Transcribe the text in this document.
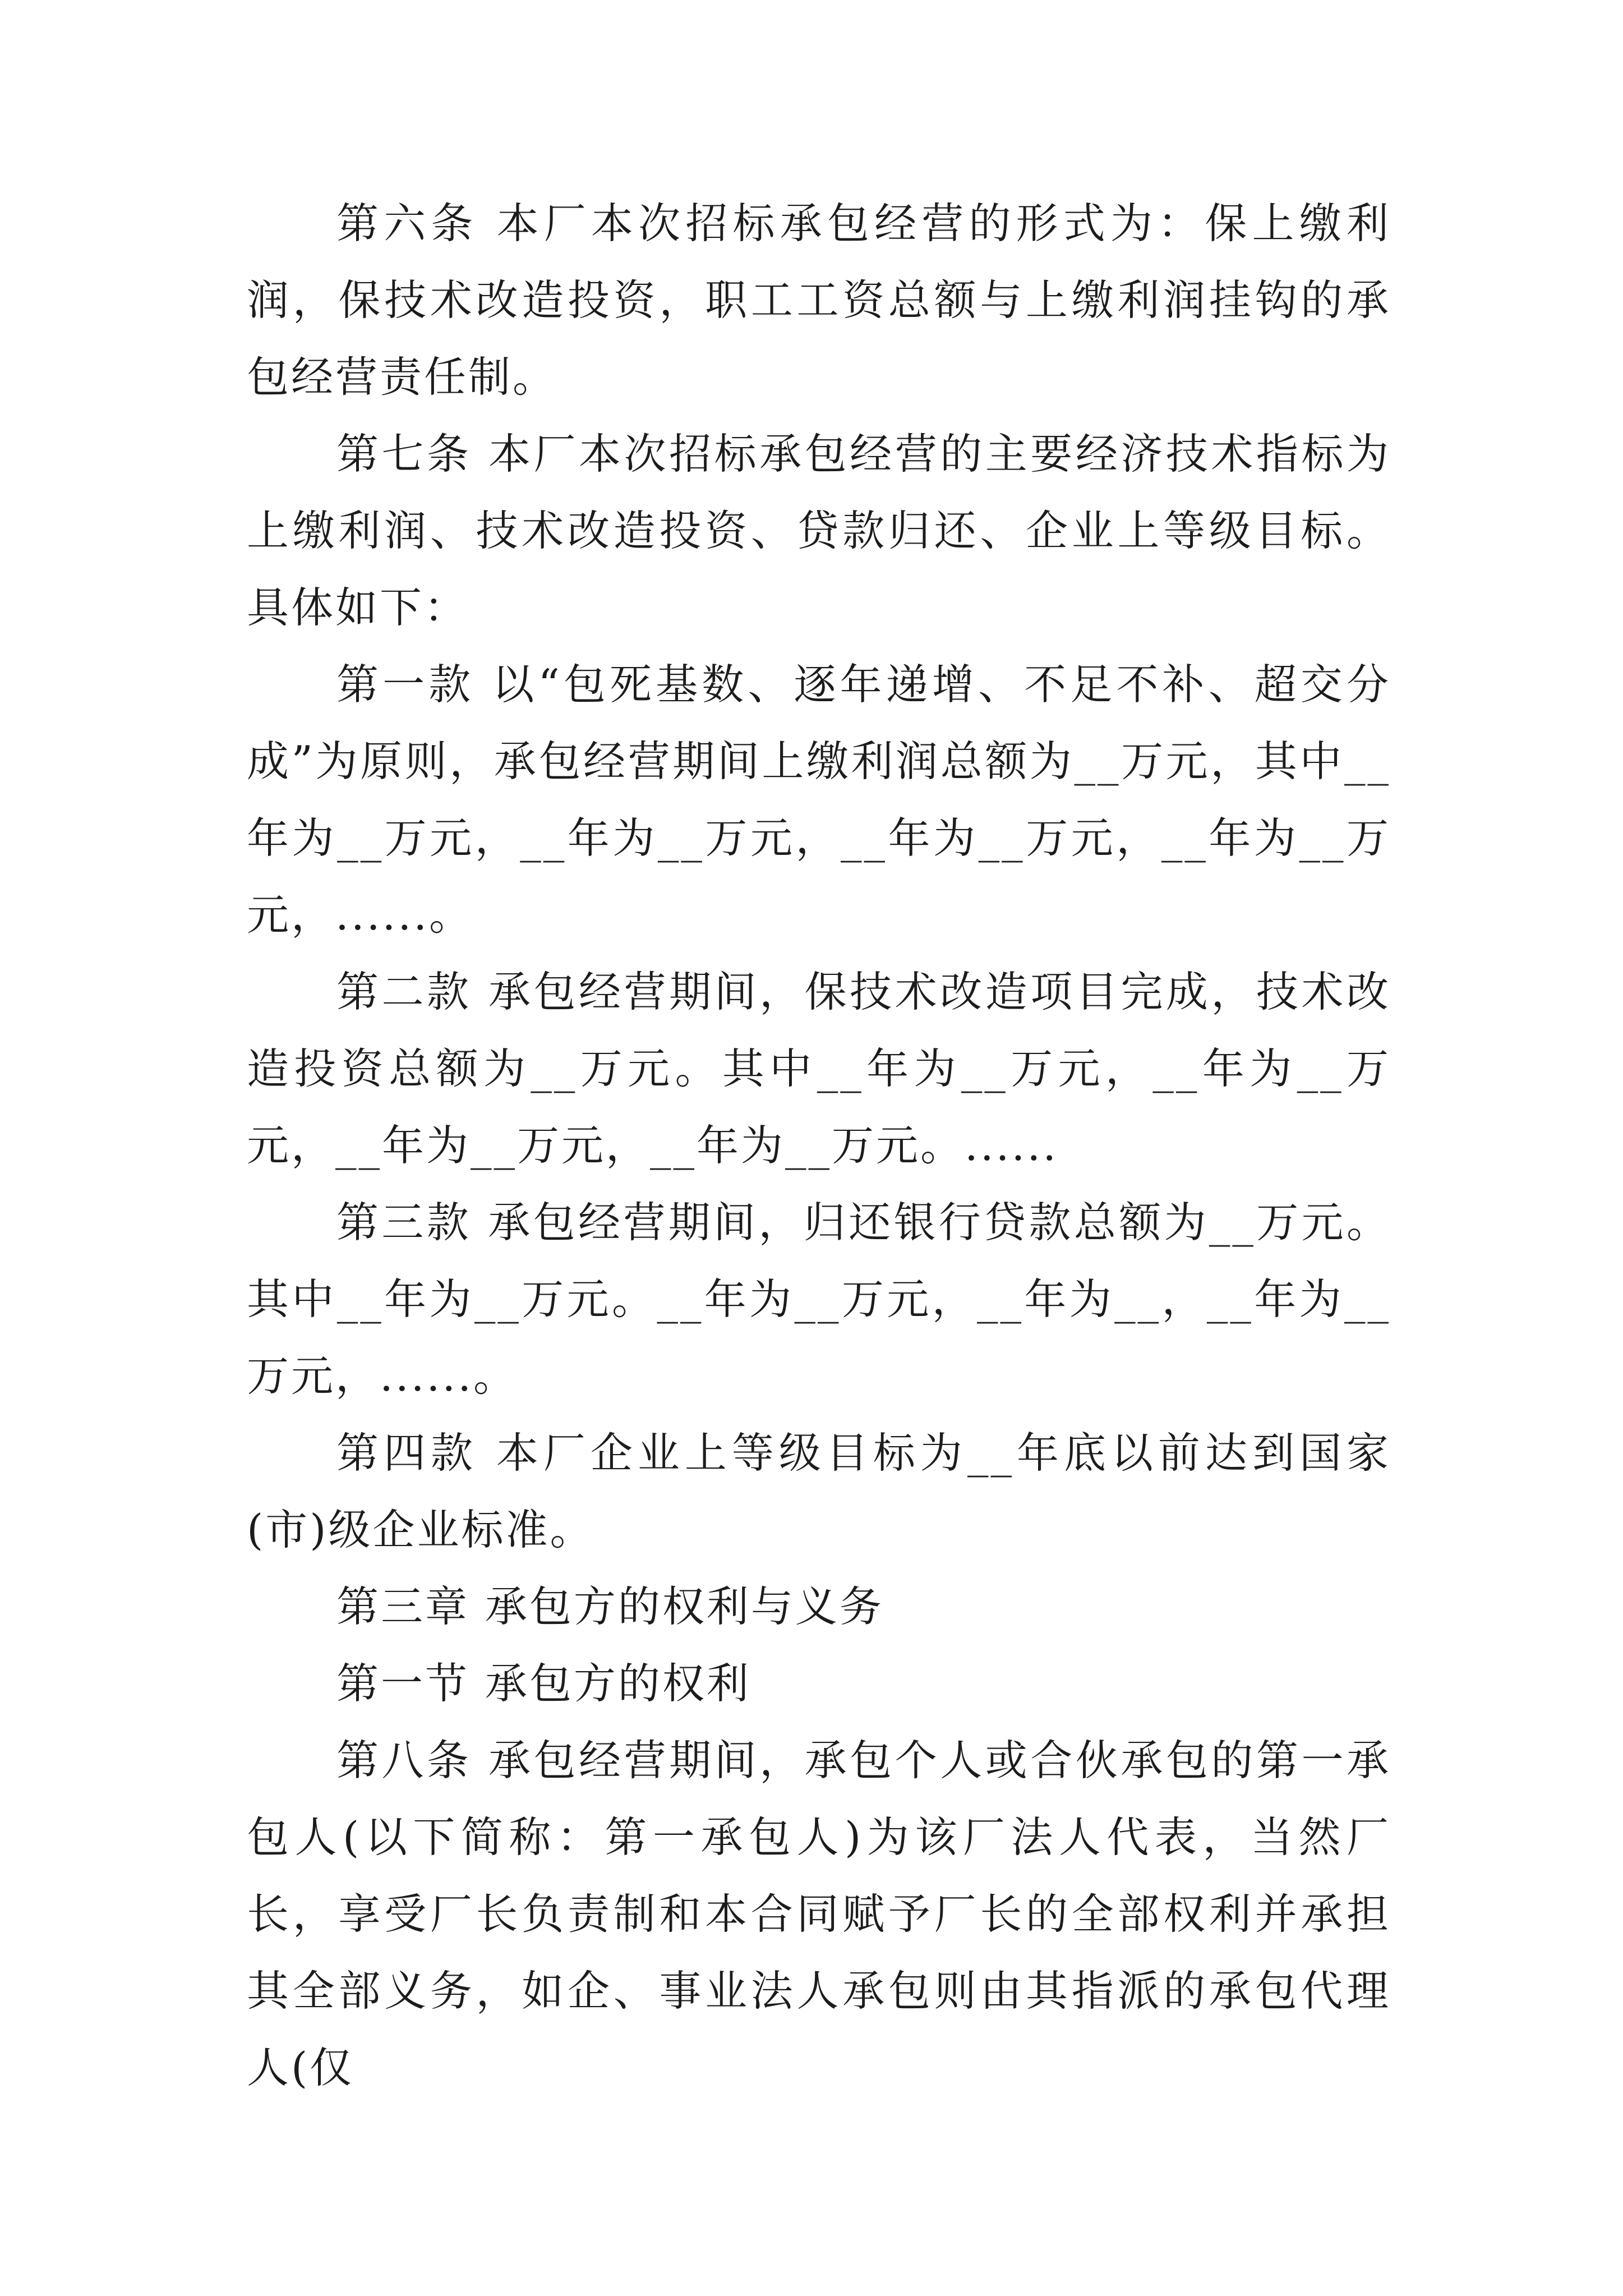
第六条 本厂本次招标承包经营的形式为：保上缴利润，保技术改造投资，职工工资总额与上缴利润挂钩的承包经营责任制。

第七条 本厂本次招标承包经营的主要经济技术指标为上缴利润、技术改造投资、贷款归还、企业上等级目标。具体如下：

第一款 以“包死基数、逐年递增、不足不补、超交分成”为原则，承包经营期间上缴利润总额为__万元，其中__年为__万元，__年为__万元，__年为__万元，__年为__万元，......。

第二款 承包经营期间，保技术改造项目完成，技术改造投资总额为__万元。其中__年为__万元，__年为__万元，__年为__万元，__年为__万元。......

第三款 承包经营期间，归还银行贷款总额为__万元。其中__年为__万元。__年为__万元，__年为__，__年为__万元，......。

第四款 本厂企业上等级目标为__年底以前达到国家(市)级企业标准。

第三章 承包方的权利与义务

第一节 承包方的权利

第八条 承包经营期间，承包个人或合伙承包的第一承包人(以下简称：第一承包人)为该厂法人代表，当然厂长，享受厂长负责制和本合同赋予厂长的全部权利并承担其全部义务，如企、事业法人承包则由其指派的承包代理人(仅
